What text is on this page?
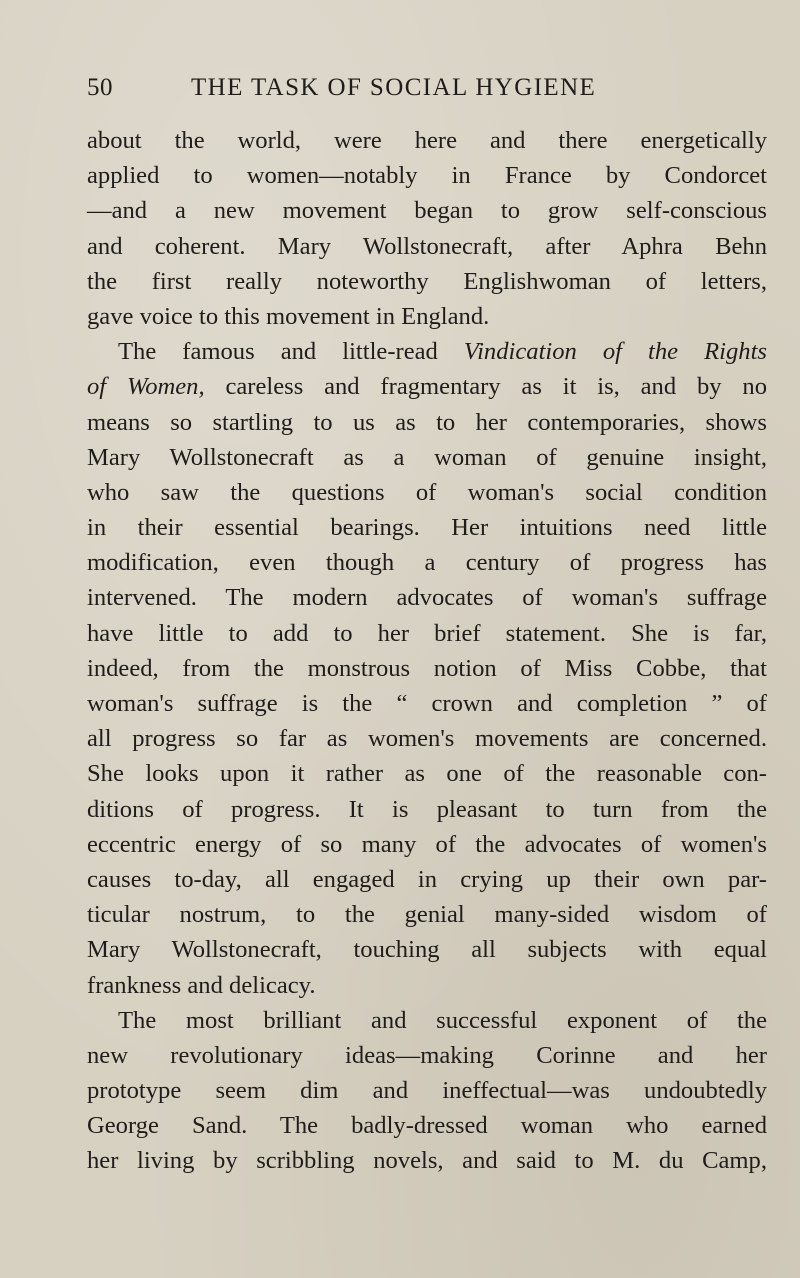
50	THE TASK OF SOCIAL HYGIENE
about the world, were here and there energetically
applied to women—notably in France by Condorcet
—and a new movement began to grow self-conscious
and coherent. Mary Wollstonecraft, after Aphra Behn
the first really noteworthy Englishwoman of letters,
gave voice to this movement in England.
The famous and little-read Vindication of the Rights
of Women, careless and fragmentary as it is, and by no
means so startling to us as to her contemporaries, shows
Mary Wollstonecraft as a woman of genuine insight,
who saw the questions of woman's social condition
in their essential bearings. Her intuitions need little
modification, even though a century of progress has
intervened. The modern advocates of woman's suffrage
have little to add to her brief statement. She is far,
indeed, from the monstrous notion of Miss Cobbe, that
woman's suffrage is the “ crown and completion ” of
all progress so far as women's movements are concerned.
She looks upon it rather as one of the reasonable con-
ditions of progress. It is pleasant to turn from the
eccentric energy of so many of the advocates of women's
causes to-day, all engaged in crying up their own par-
ticular nostrum, to the genial many-sided wisdom of
Mary Wollstonecraft, touching all subjects with equal
frankness and delicacy.
The most brilliant and successful exponent of the
new revolutionary ideas—making Corinne and her
prototype seem dim and ineffectual—was undoubtedly
George Sand. The badly-dressed woman who earned
her living by scribbling novels, and said to M. du Camp,
